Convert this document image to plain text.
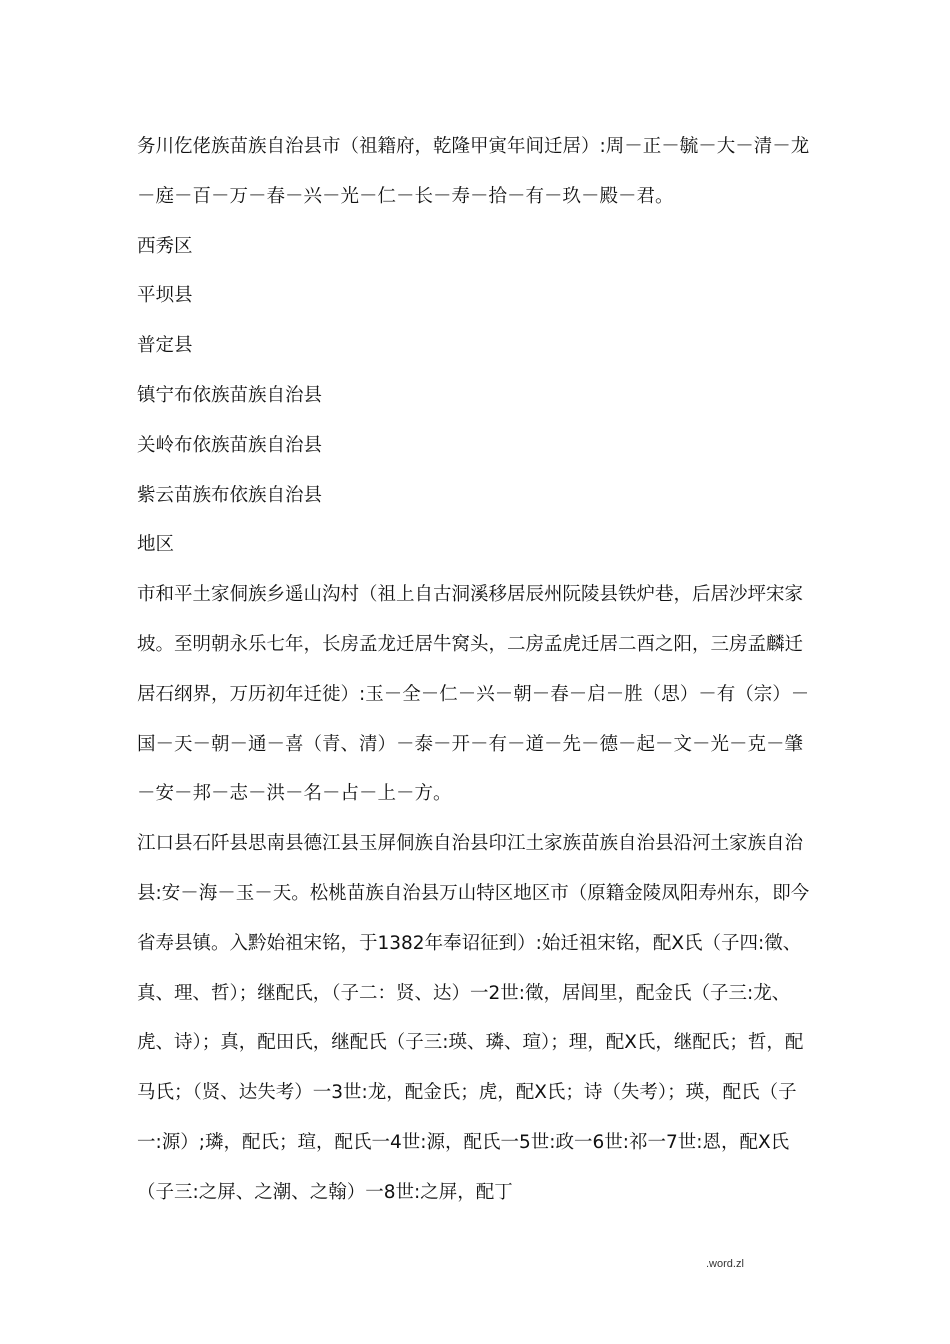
务川仡佬族苗族自治县市（祖籍府，乾隆甲寅年间迁居）:周－正－毓－大－清－龙－庭－百－万－春－兴－光－仁－长－寿－拾－有－玖－殿－君。

西秀区

平坝县

普定县

镇宁布依族苗族自治县

关岭布依族苗族自治县

紫云苗族布依族自治县

地区

市和平土家侗族乡遥山沟村（祖上自古洞溪移居辰州阮陵县铁炉巷，后居沙坪宋家坡。至明朝永乐七年，长房孟龙迁居牛窝头，二房孟虎迁居二酉之阳，三房孟麟迁居石纲界，万历初年迁徙）:玉－全－仁－兴－朝－春－启－胜（思）－有（宗）－国－天－朝－通－喜（青、清）－泰－开－有－道－先－德－起－文－光－克－肇－安－邦－志－洪－名－占－上－方。

江口县石阡县思南县德江县玉屏侗族自治县印江土家族苗族自治县沿河土家族自治县:安－海－玉－天。松桃苗族自治县万山特区地区市（原籍金陵凤阳寿州东，即今省寿县镇。入黔始祖宋铭，于1382年奉诏征到）:始迁祖宋铭，配X氏（子四:徵、真、理、哲）；继配氏，（子二：贤、达）一2世:徵，居闾里，配金氏（子三:龙、虎、诗）；真，配田氏，继配氏（子三:瑛、璘、瑄）；理，配X氏，继配氏；哲，配马氏；（贤、达失考）一3世:龙，配金氏；虎，配X氏；诗（失考）；瑛，配氏（子一:源）;璘，配氏；瑄，配氏一4世:源，配氏一5世:政一6世:祁一7世:恩，配X氏（子三:之屏、之潮、之翰）一8世:之屏，配丁

.word.zl
